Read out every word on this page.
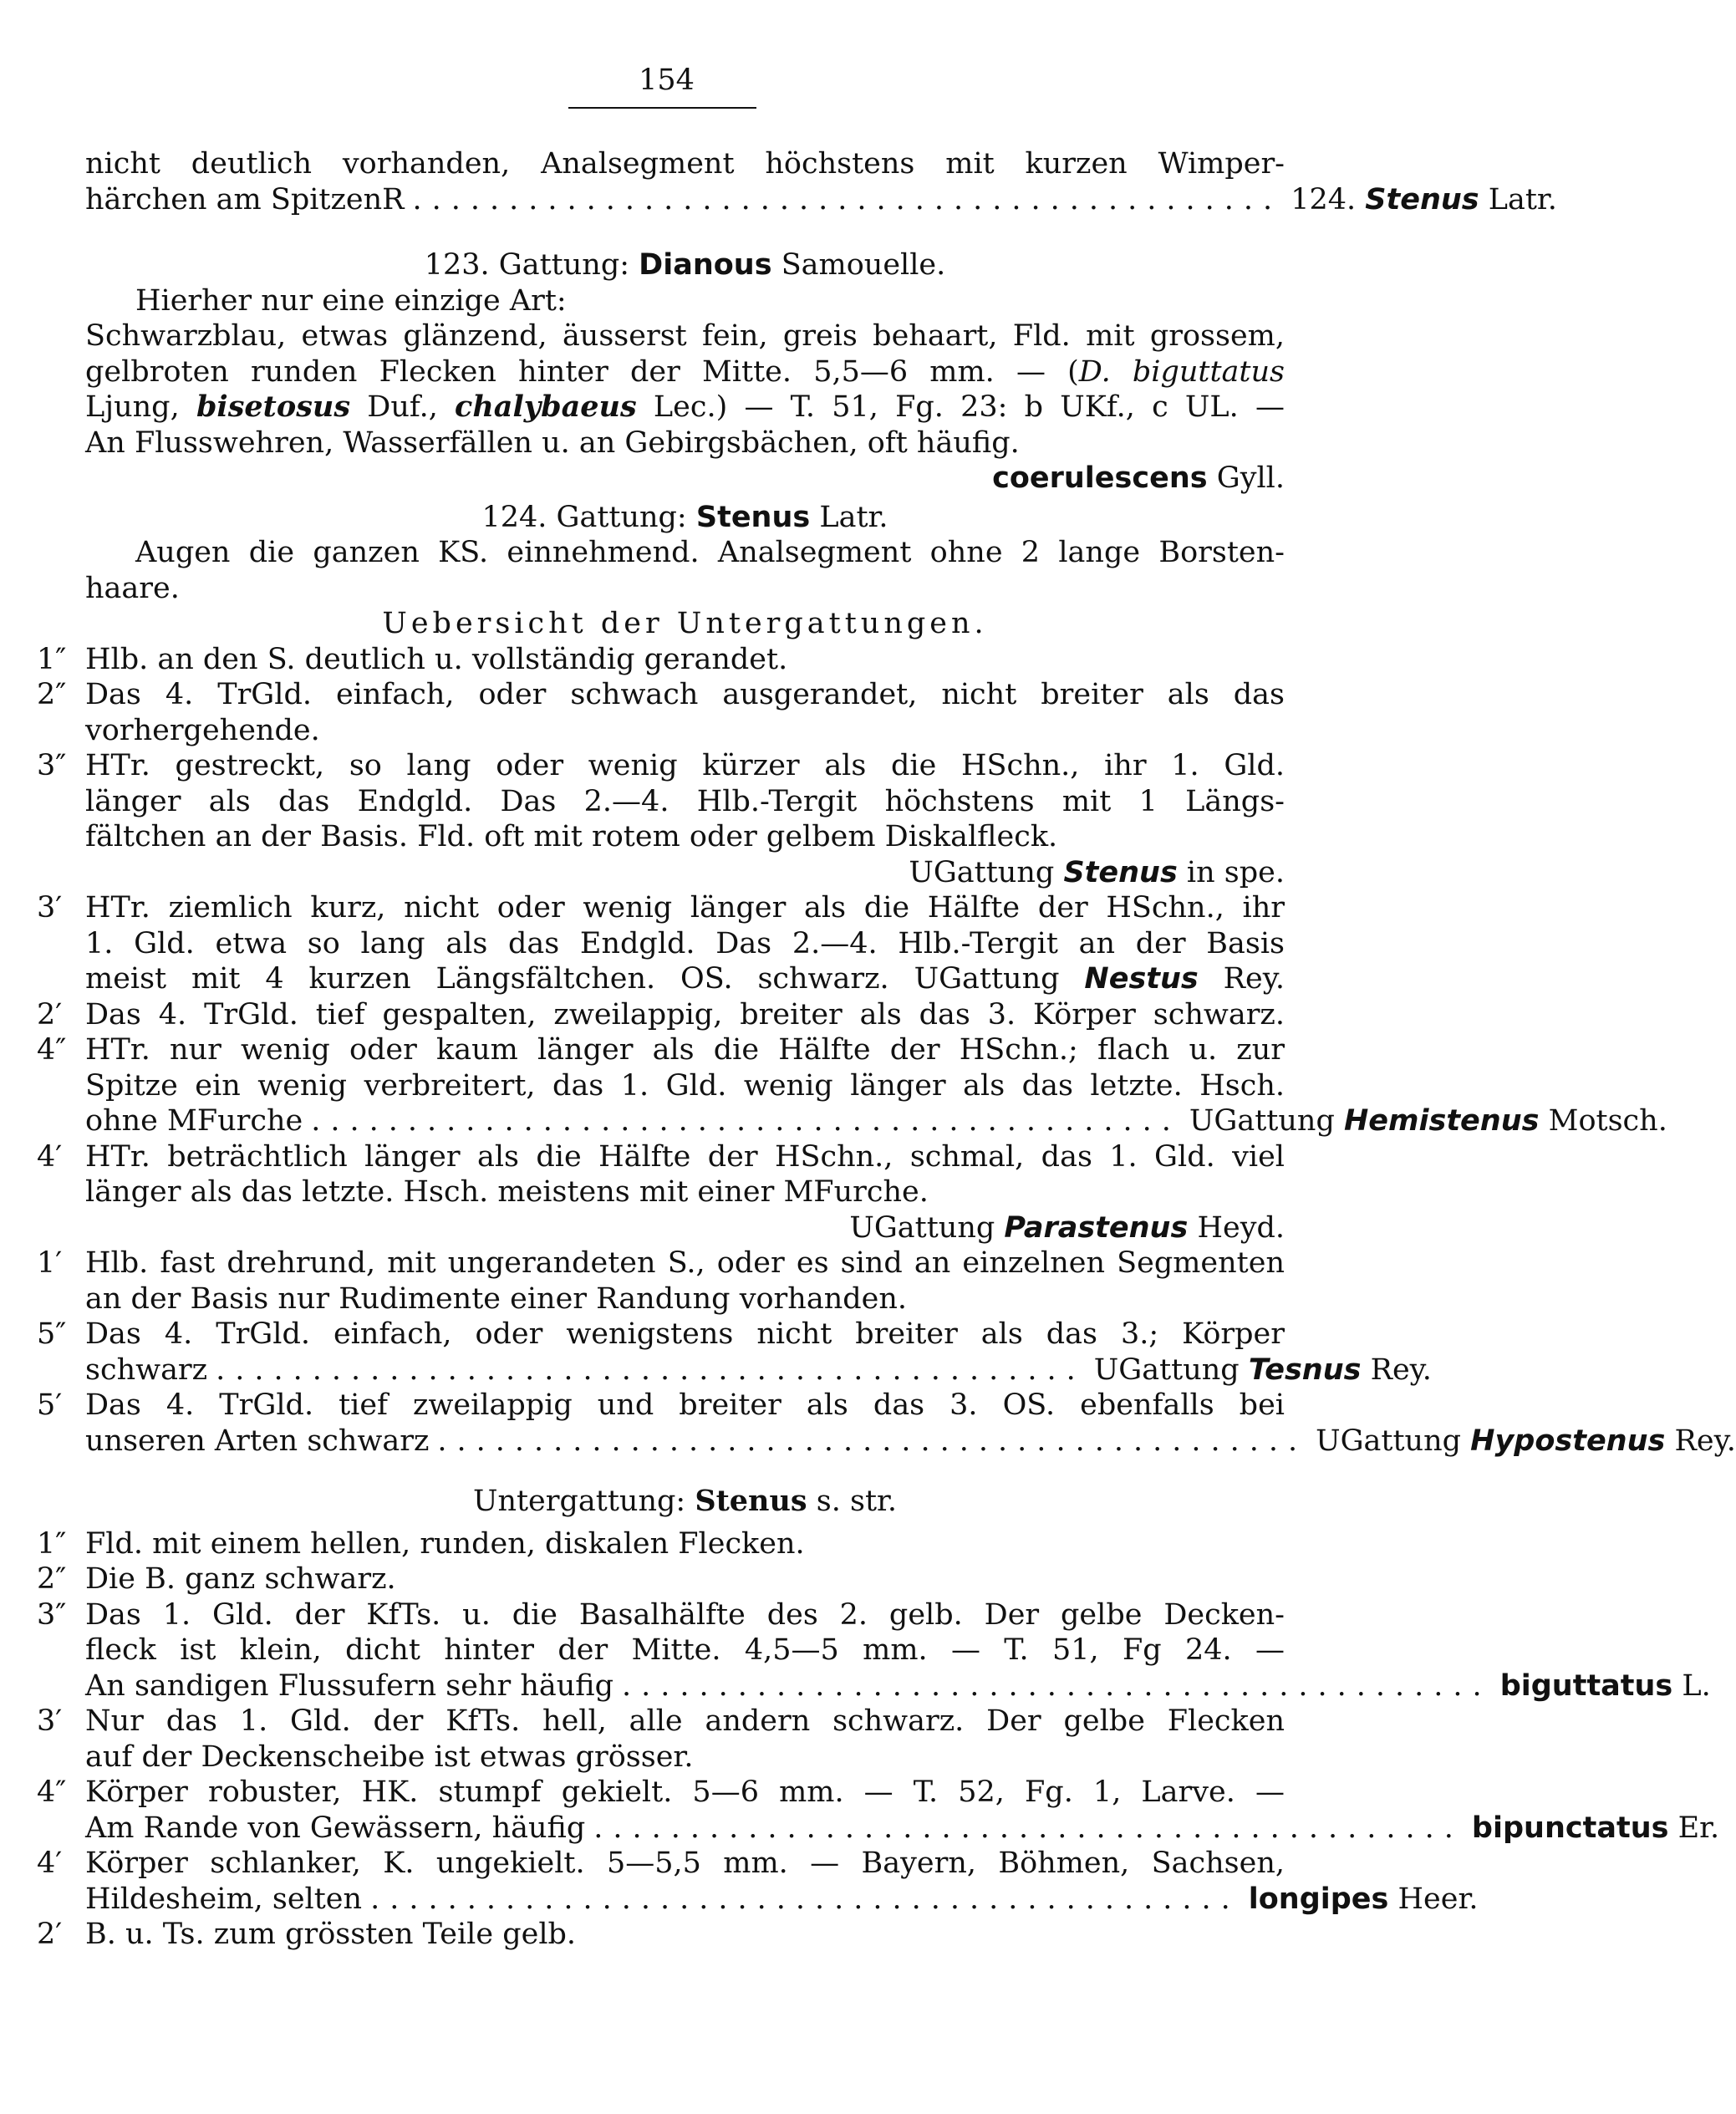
154
nicht deutlich vorhanden, Analsegment höchstens mit kurzen Wimper-
härchen am SpitzenR ............................................. 124.
Stenus
Latr.
123. Gattung: Dianous Samouelle.
Hierher nur eine einzige Art:
Schwarzblau, etwas glänzend, äusserst fein, greis behaart, Fld. mit grossem,
gelbroten runden Flecken hinter der Mitte. 5,5—6 mm. — (D. biguttatus
Ljung, bisetosus Duf., chalybaeus Lec.) — T. 51, Fg. 23: b UKf., c UL. —
An Flusswehren, Wasserfällen u. an Gebirgsbächen, oft häufig.
coerulescens Gyll.
124. Gattung: Stenus Latr.
Augen die ganzen KS. einnehmend. Analsegment ohne 2 lange Borsten-
haare.
Uebersicht der Untergattungen.
1″ Hlb. an den S. deutlich u. vollständig gerandet.
2″ Das 4. TrGld. einfach, oder schwach ausgerandet, nicht breiter als das
vorhergehende.
3″ HTr. gestreckt, so lang oder wenig kürzer als die HSchn., ihr 1. Gld.
länger als das Endgld. Das 2.—4. Hlb.-Tergit höchstens mit 1 Längs-
fältchen an der Basis. Fld. oft mit rotem oder gelbem Diskalfleck.
UGattung Stenus in spe.
3′ HTr. ziemlich kurz, nicht oder wenig länger als die Hälfte der HSchn., ihr
1. Gld. etwa so lang als das Endgld. Das 2.—4. Hlb.-Tergit an der Basis
meist mit 4 kurzen Längsfältchen. OS. schwarz. UGattung Nestus Rey.
2′ Das 4. TrGld. tief gespalten, zweilappig, breiter als das 3. Körper schwarz.
4″ HTr. nur wenig oder kaum länger als die Hälfte der HSchn.; flach u. zur
Spitze ein wenig verbreitert, das 1. Gld. wenig länger als das letzte. Hsch.
ohne MFurche ............................................. UGattung
Hemistenus
Motsch.
4′ HTr. beträchtlich länger als die Hälfte der HSchn., schmal, das 1. Gld. viel
länger als das letzte. Hsch. meistens mit einer MFurche.
UGattung Parastenus Heyd.
1′ Hlb. fast drehrund, mit ungerandeten S., oder es sind an einzelnen Segmenten
an der Basis nur Rudimente einer Randung vorhanden.
5″ Das 4. TrGld. einfach, oder wenigstens nicht breiter als das 3.; Körper
schwarz ............................................. UGattung
Tesnus
Rey.
5′ Das 4. TrGld. tief zweilappig und breiter als das 3. OS. ebenfalls bei
unseren Arten schwarz ............................................. UGattung
Hypostenus
Rey.
Untergattung: Stenus s. str.
1″ Fld. mit einem hellen, runden, diskalen Flecken.
2″ Die B. ganz schwarz.
3″ Das 1. Gld. der KfTs. u. die Basalhälfte des 2. gelb. Der gelbe Decken-
fleck ist klein, dicht hinter der Mitte. 4,5—5 mm. — T. 51, Fg 24. —
An sandigen Flussufern sehr häufig ............................................. biguttatus
L.
3′ Nur das 1. Gld. der KfTs. hell, alle andern schwarz. Der gelbe Flecken
auf der Deckenscheibe ist etwas grösser.
4″ Körper robuster, HK. stumpf gekielt. 5—6 mm. — T. 52, Fg. 1, Larve. —
Am Rande von Gewässern, häufig ............................................. bipunctatus
Er.
4′ Körper schlanker, K. ungekielt. 5—5,5 mm. — Bayern, Böhmen, Sachsen,
Hildesheim, selten ............................................. longipes
Heer.
2′ B. u. Ts. zum grössten Teile gelb.
